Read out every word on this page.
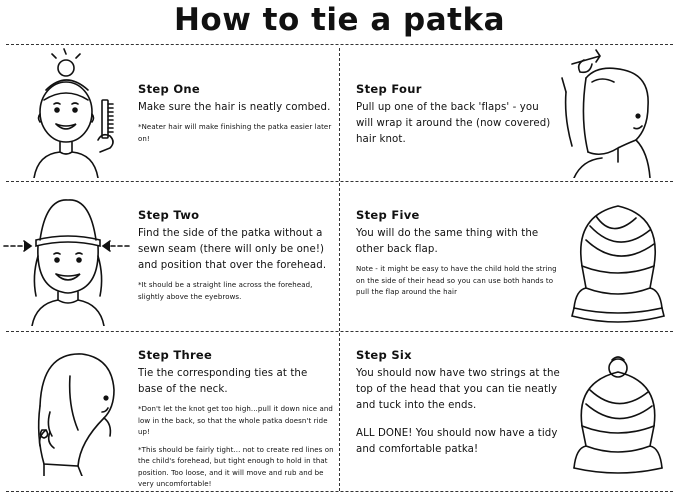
How to tie a patka
Step One
Make sure the hair is neatly combed.
*Neater hair will make finishing the patka easier later on!
Step Two
Find the side of the patka without a sewn seam (there will only be one!) and position that over the forehead.
*It should be a straight line across the forehead, slightly above the eyebrows.
Step Three
Tie the corresponding ties at the base of the neck.
*Don't let the knot get too high...pull it down nice and low in the back, so that the whole patka doesn't ride up!
*This should be fairly tight... not to create red lines on the child's forehead, but tight enough to hold in that position. Too loose, and it will move and rub and be very uncomfortable!
Step Four
Pull up one of the back 'flaps' - you will wrap it around the (now covered) hair knot.
Step Five
You will do the same thing with the other back flap.
Note - it might be easy to have the child hold the string on the side of their head so you can use both hands to pull the flap around the hair
Step Six
You should now have two strings at the top of the head that you can tie neatly and tuck into the ends.
ALL DONE! You should now have a tidy and comfortable patka!
